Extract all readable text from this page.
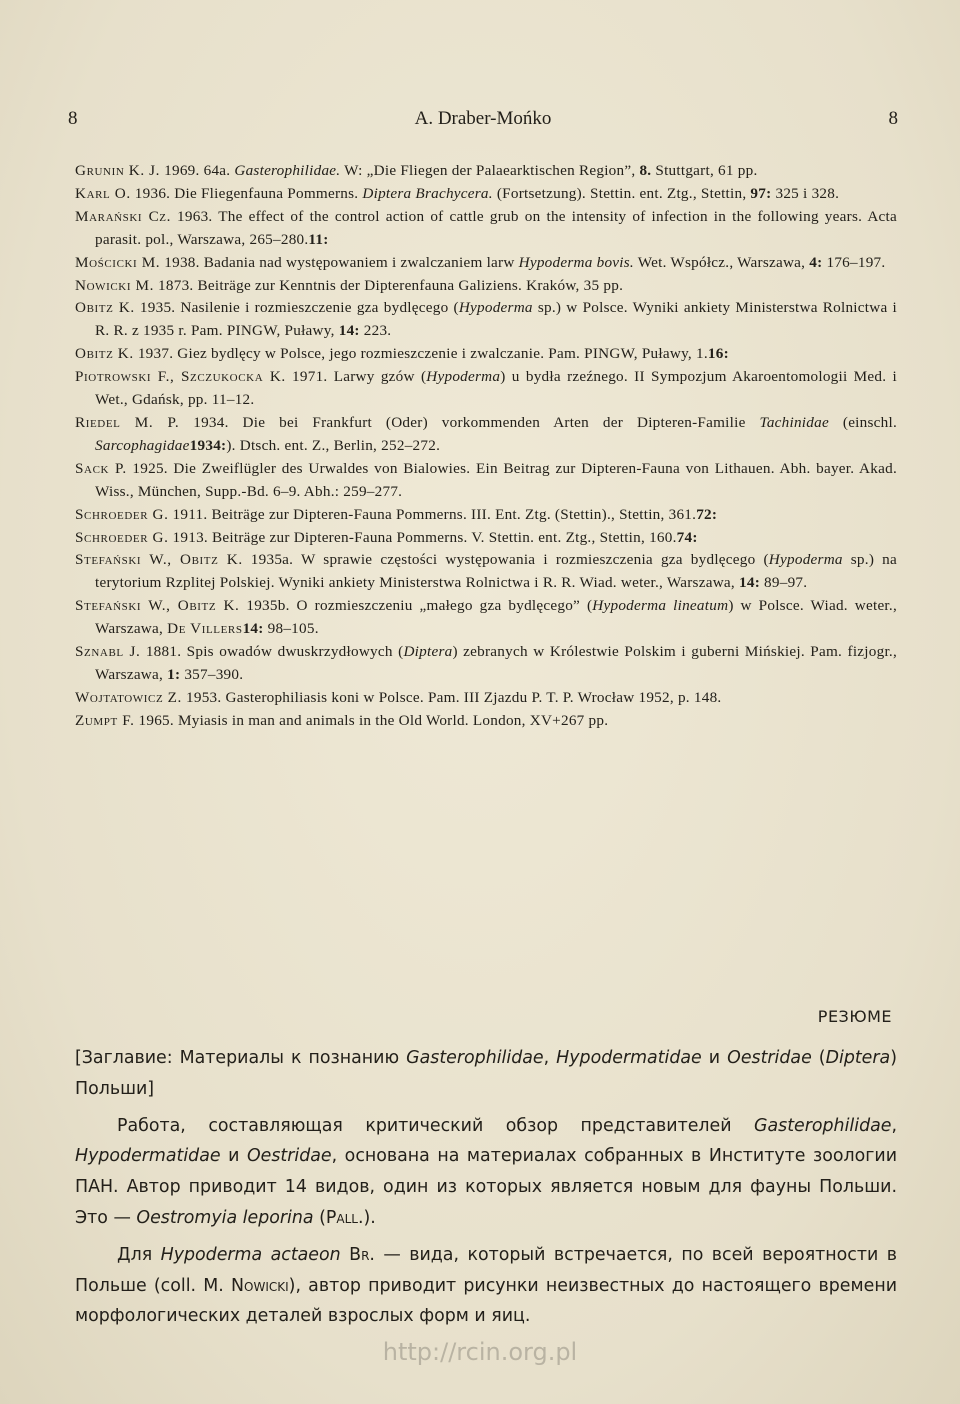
8	A. Draber-Mońko	8

Grunin K. J. 1969. 64a. Gasterophilidae. W: „Die Fliegen der Palaearktischen Region”, 8. Stuttgart, 61 pp.

Karl O. 1936. Die Fliegenfauna Pommerns. Diptera Brachycera. (Fortsetzung). Stettin. ent. Ztg., Stettin, 97: 325 i 328.

Marański Cz. 1963. The effect of the control action of cattle grub on the intensity of infection in the following years. Acta parasit. pol., Warszawa, 265–280.11:

Mościcki M. 1938. Badania nad występowaniem i zwalczaniem larw Hypoderma bovis. Wet. Współcz., Warszawa, 4: 176–197.

Nowicki M. 1873. Beiträge zur Kenntnis der Dipterenfauna Galiziens. Kraków, 35 pp.

Obitz K. 1935. Nasilenie i rozmieszczenie gza bydlęcego (Hypoderma sp.) w Polsce. Wyniki ankiety Ministerstwa Rolnictwa i R. R. z 1935 r. Pam. PINGW, Puławy, 14: 223.

Obitz K. 1937. Giez bydlęcy w Polsce, jego rozmieszczenie i zwalczanie. Pam. PINGW, Puławy, 1.16:

Piotrowski F., Szczukocka K. 1971. Larwy gzów (Hypoderma) u bydła rzeźnego. II Sympozjum Akaroentomologii Med. i Wet., Gdańsk, pp. 11–12.

Riedel M. P. 1934. Die bei Frankfurt (Oder) vorkommenden Arten der Dipteren-Familie Tachinidae (einschl. Sarcophagidae1934:). Dtsch. ent. Z., Berlin, 252–272.

Sack P. 1925. Die Zweiflügler des Urwaldes von Bialowies. Ein Beitrag zur Dipteren-Fauna von Lithauen. Abh. bayer. Akad. Wiss., München, Supp.-Bd. 6–9. Abh.: 259–277.

Schroeder G. 1911. Beiträge zur Dipteren-Fauna Pommerns. III. Ent. Ztg. (Stettin)., Stettin, 361.72:

Schroeder G. 1913. Beiträge zur Dipteren-Fauna Pommerns. V. Stettin. ent. Ztg., Stettin, 160.74:

Stefański W., Obitz K. 1935a. W sprawie częstości występowania i rozmieszczenia gza bydlęcego (Hypoderma sp.) na terytorium Rzplitej Polskiej. Wyniki ankiety Ministerstwa Rolnictwa i R. R. Wiad. weter., Warszawa, 14: 89–97.

Stefański W., Obitz K. 1935b. O rozmieszczeniu „małego gza bydlęcego” (Hypoderma lineatum) w Polsce. Wiad. weter., Warszawa, De Villers14: 98–105.

Sznabl J. 1881. Spis owadów dwuskrzydłowych (Diptera) zebranych w Królestwie Polskim i guberni Mińskiej. Pam. fizjogr., Warszawa, 1: 357–390.

Wojtatowicz Z. 1953. Gasterophiliasis koni w Polsce. Pam. III Zjazdu P. T. P. Wrocław 1952, p. 148.

Zumpt F. 1965. Myiasis in man and animals in the Old World. London, XV+267 pp.

РЕЗЮМЕ

[Заглавие: Материалы к познанию Gasterophilidae, Hypodermatidae и Oestridae (Diptera) Польши]

Работа, составляющая критический обзор представителей Gasterophilidae, Hypodermatidae и Oestridae, основана на материалах собранных в Институте зоологии ПАН. Автор приводит 14 видов, один из которых является новым для фауны Польши. Это — Oestromyia leporina (Pall.).

Для Hypoderma actaeon Br. — вида, который встречается, по всей вероятности в Польше (coll. M. Nowicki), автор приводит рисунки неизвестных до настоящего времени морфологических деталей взрослых форм и яиц.

http://rcin.org.pl
